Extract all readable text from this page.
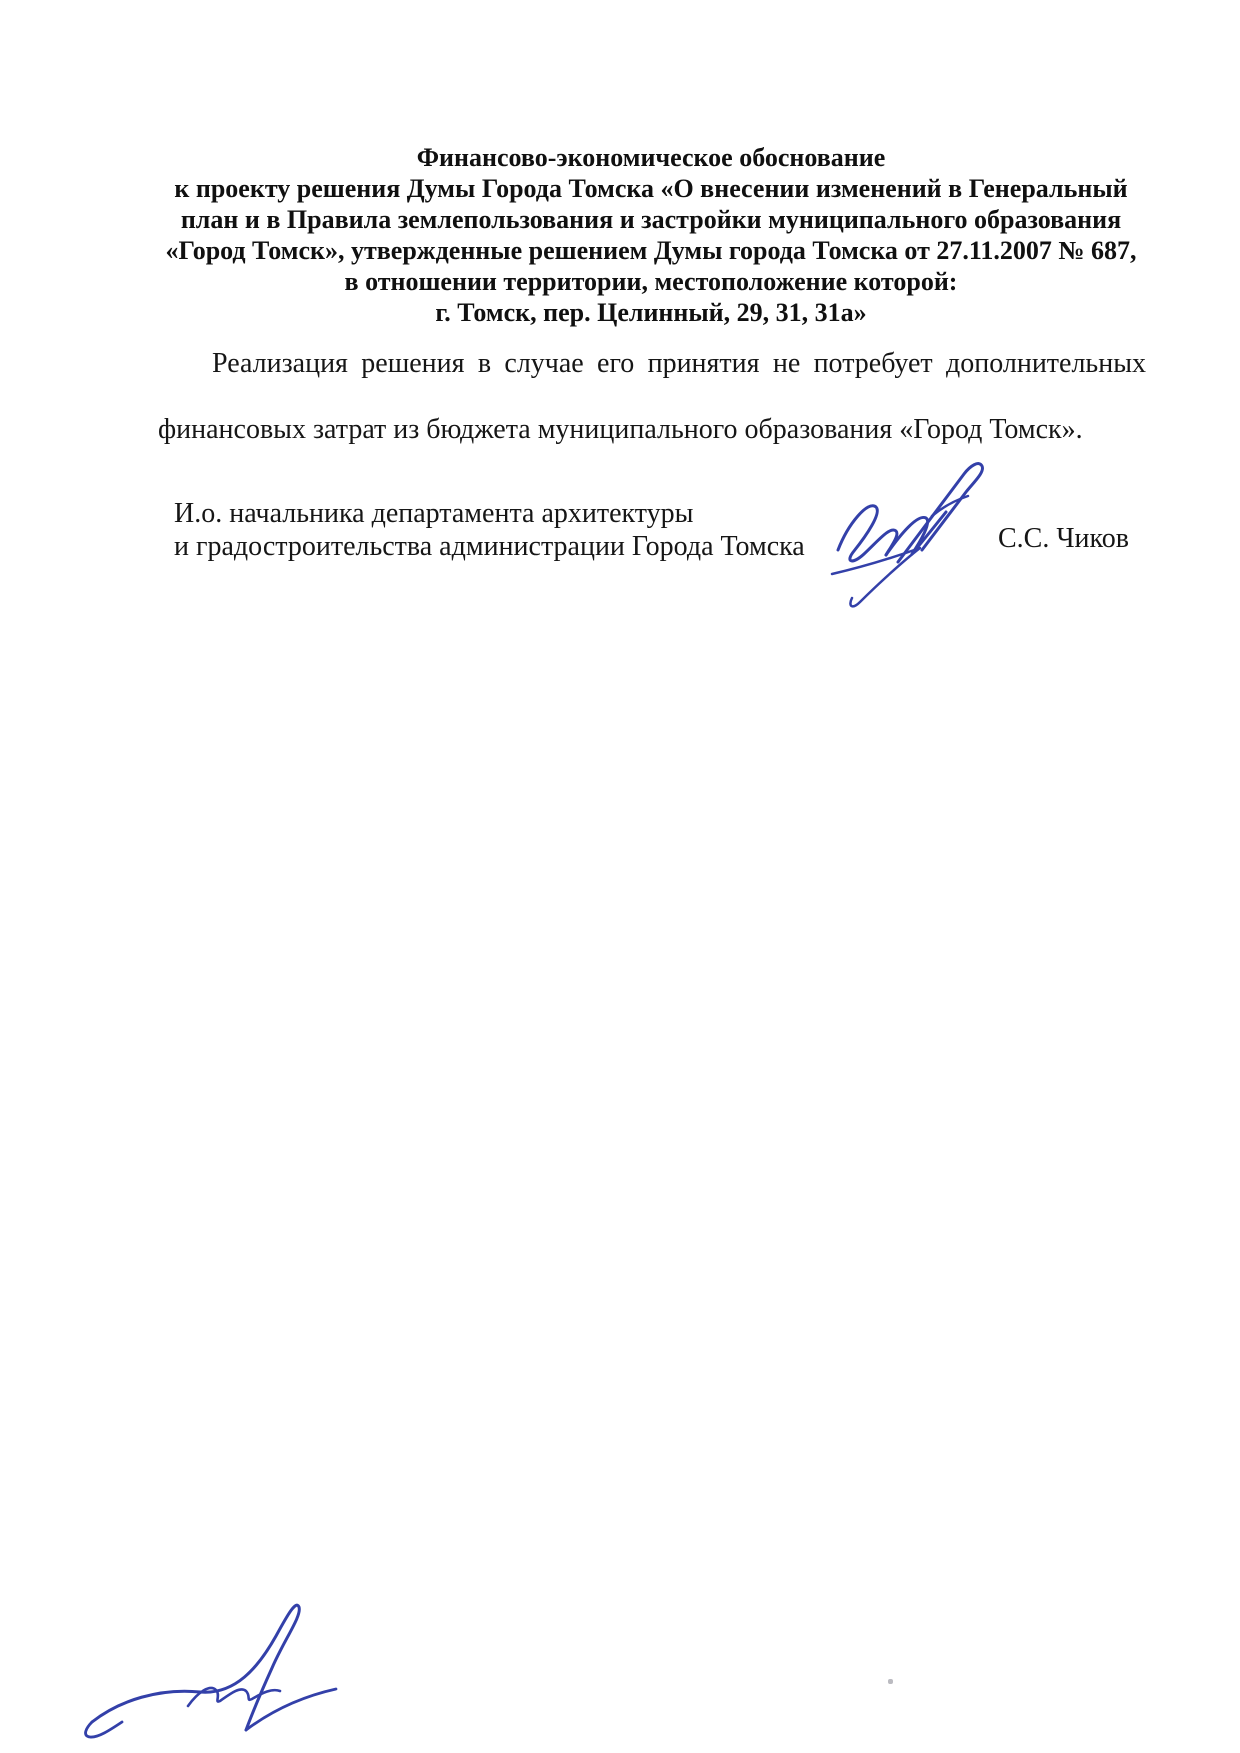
Финансово-экономическое обоснование
к проекту решения Думы Города Томска «О внесении изменений в Генеральный
план и в Правила землепользования и застройки муниципального образования
«Город Томск», утвержденные решением Думы города Томска от 27.11.2007 № 687,
в отношении территории, местоположение которой:
г. Томск, пер. Целинный, 29, 31, 31а»
Реализация решения в случае его принятия не потребует дополнительных
финансовых затрат из бюджета муниципального образования «Город Томск».
И.о. начальника департамента архитектуры
и градостроительства администрации Города Томска	С.С. Чиков
